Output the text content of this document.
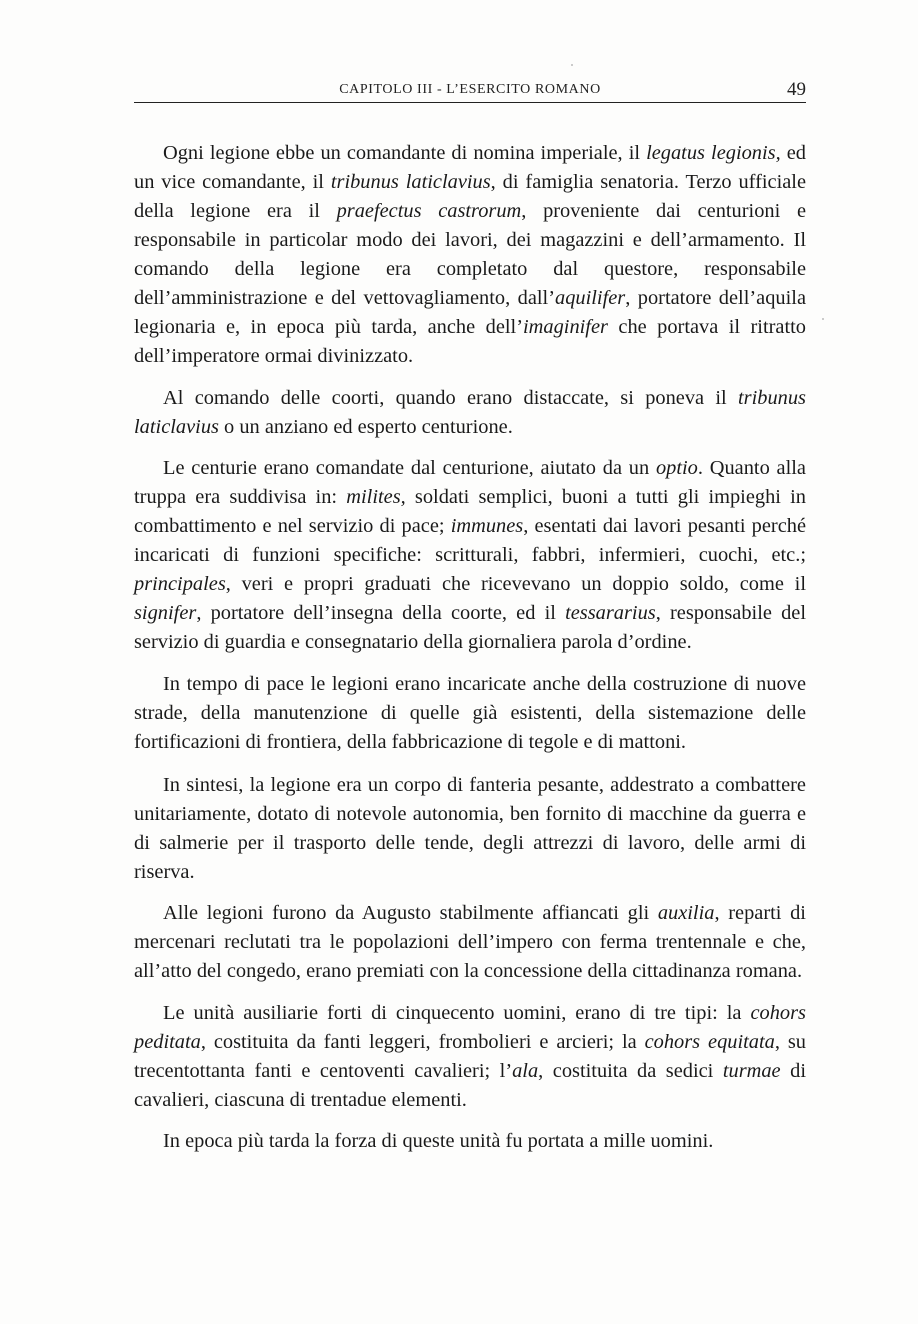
CAPITOLO III - L’ESERCITO ROMANO	49

Ogni legione ebbe un comandante di nomina imperiale, il legatus legionis, ed un vice comandante, il tribunus laticlavius, di famiglia senatoria. Terzo ufficiale della legione era il praefectus castrorum, proveniente dai centurioni e responsabile in particolar modo dei lavori, dei magazzini e dell’armamento. Il comando della legione era completato dal questore, responsabile dell’amministrazione e del vettovagliamento, dall’aquilifer, portatore dell’aquila legionaria e, in epoca più tarda, anche dell’imaginifer che portava il ritratto dell’imperatore ormai divinizzato.

Al comando delle coorti, quando erano distaccate, si poneva il tribunus laticlavius o un anziano ed esperto centurione.

Le centurie erano comandate dal centurione, aiutato da un optio. Quanto alla truppa era suddivisa in: milites, soldati semplici, buoni a tutti gli impieghi in combattimento e nel servizio di pace; immunes, esentati dai lavori pesanti perché incaricati di funzioni specifiche: scritturali, fabbri, infermieri, cuochi, etc.; principales, veri e propri graduati che ricevevano un doppio soldo, come il signifer, portatore dell’insegna della coorte, ed il tessararius, responsabile del servizio di guardia e consegnatario della giornaliera parola d’ordine.

In tempo di pace le legioni erano incaricate anche della costruzione di nuove strade, della manutenzione di quelle già esistenti, della sistemazione delle fortificazioni di frontiera, della fabbricazione di tegole e di mattoni.

In sintesi, la legione era un corpo di fanteria pesante, addestrato a combattere unitariamente, dotato di notevole autonomia, ben fornito di macchine da guerra e di salmerie per il trasporto delle tende, degli attrezzi di lavoro, delle armi di riserva.

Alle legioni furono da Augusto stabilmente affiancati gli auxilia, reparti di mercenari reclutati tra le popolazioni dell’impero con ferma trentennale e che, all’atto del congedo, erano premiati con la concessione della cittadinanza romana.

Le unità ausiliarie forti di cinquecento uomini, erano di tre tipi: la cohors peditata, costituita da fanti leggeri, frombolieri e arcieri; la cohors equitata, su trecentottanta fanti e centoventi cavalieri; l’ala, costituita da sedici turmae di cavalieri, ciascuna di trentadue elementi.

In epoca più tarda la forza di queste unità fu portata a mille uomini.
